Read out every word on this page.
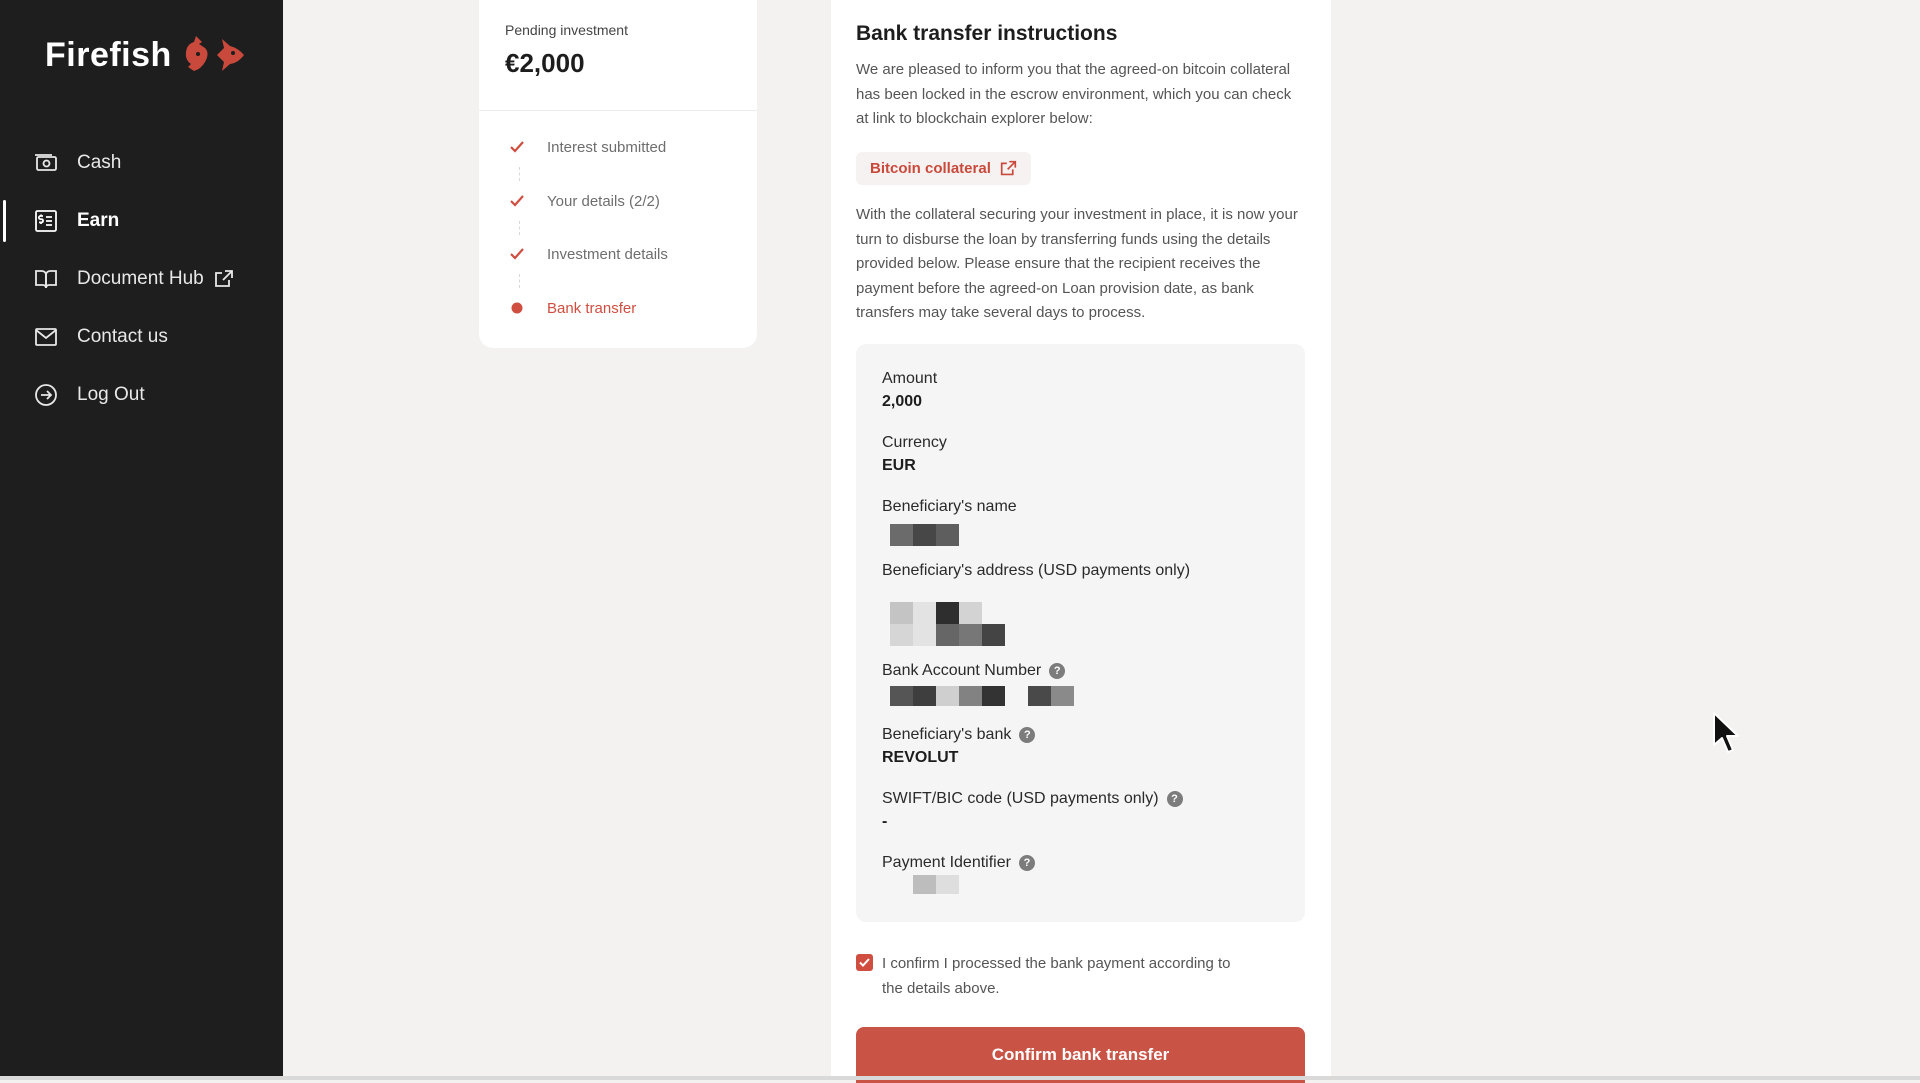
Firefish
Cash
Earn
Document Hub
Contact us
Log Out
Pending investment
€2,000
Interest submitted
Your details (2/2)
Investment details
Bank transfer
Bank transfer instructions
We are pleased to inform you that the agreed-on bitcoin collateral has been locked in the escrow environment, which you can check at link to blockchain explorer below:
Bitcoin collateral
With the collateral securing your investment in place, it is now your turn to disburse the loan by transferring funds using the details provided below. Please ensure that the recipient receives the payment before the agreed-on Loan provision date, as bank transfers may take several days to process.
Amount
2,000
Currency
EUR
Beneficiary's name
Beneficiary's address (USD payments only)
Bank Account Number	?
Beneficiary's bank	?
REVOLUT
SWIFT/BIC code (USD payments only)	?
-
Payment Identifier	?
I confirm I processed the bank payment according to the details above.
Confirm bank transfer
